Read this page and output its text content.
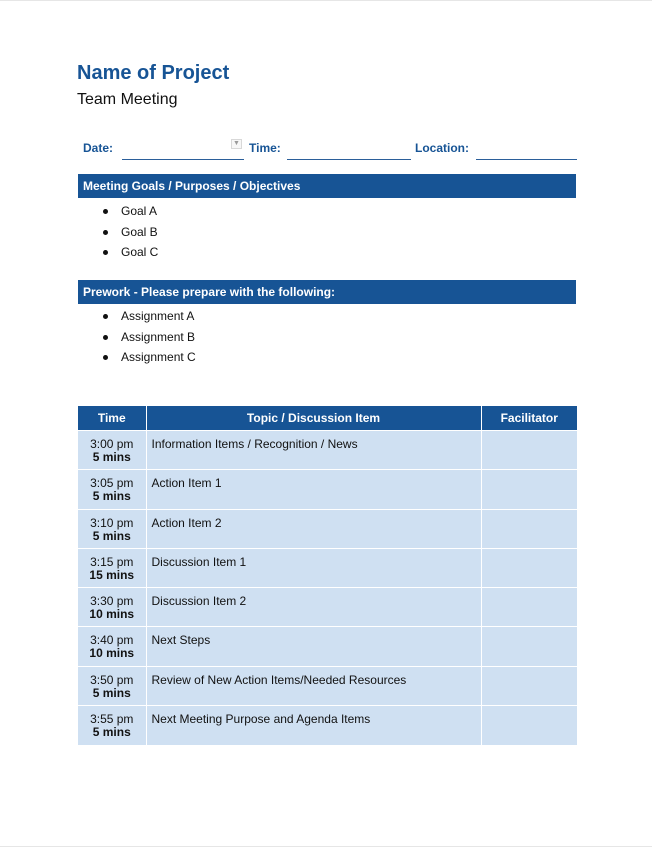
Name of Project
Team Meeting
Date:	▼ Time:	Location:
Meeting Goals / Purposes / Objectives
Goal A
Goal B
Goal C
Prework - Please prepare with the following:
Assignment A
Assignment B
Assignment C
Time	Topic / Discussion Item	Facilitator

3:00 pm
5 mins	Information Items / Recognition / News	

3:05 pm
5 mins	Action Item 1	

3:10 pm
5 mins	Action Item 2	

3:15 pm
15 mins	Discussion Item 1	

3:30 pm
10 mins	Discussion Item 2	

3:40 pm
10 mins	Next Steps	

3:50 pm
5 mins	Review of New Action Items/Needed Resources	

3:55 pm
5 mins	Next Meeting Purpose and Agenda Items	
